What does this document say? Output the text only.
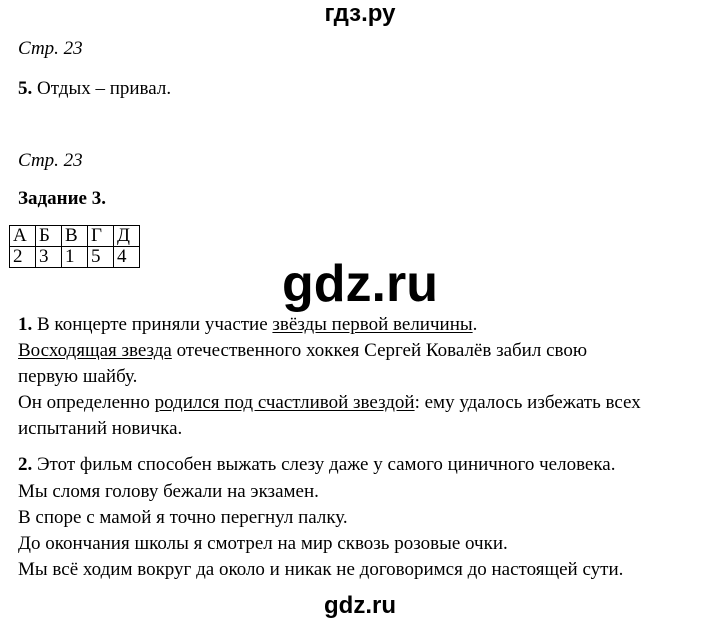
гдз.ру
Стр. 23
5. Отдых – привал.
Стр. 23
Задание 3.
А	Б	В	Г	Д
2	3	1	5	4	gdz.ru
1. В концерте приняли участие звёзды первой величины.
Восходящая звезда отечественного хоккея Сергей Ковалёв забил свою
первую шайбу.
Он определенно родился под счастливой звездой: ему удалось избежать всех
испытаний новичка.
2. Этот фильм способен выжать слезу даже у самого циничного человека.
Мы сломя голову бежали на экзамен.
В споре с мамой я точно перегнул палку.
До окончания школы я смотрел на мир сквозь розовые очки.
Мы всё ходим вокруг да около и никак не договоримся до настоящей сути.
gdz.ru
